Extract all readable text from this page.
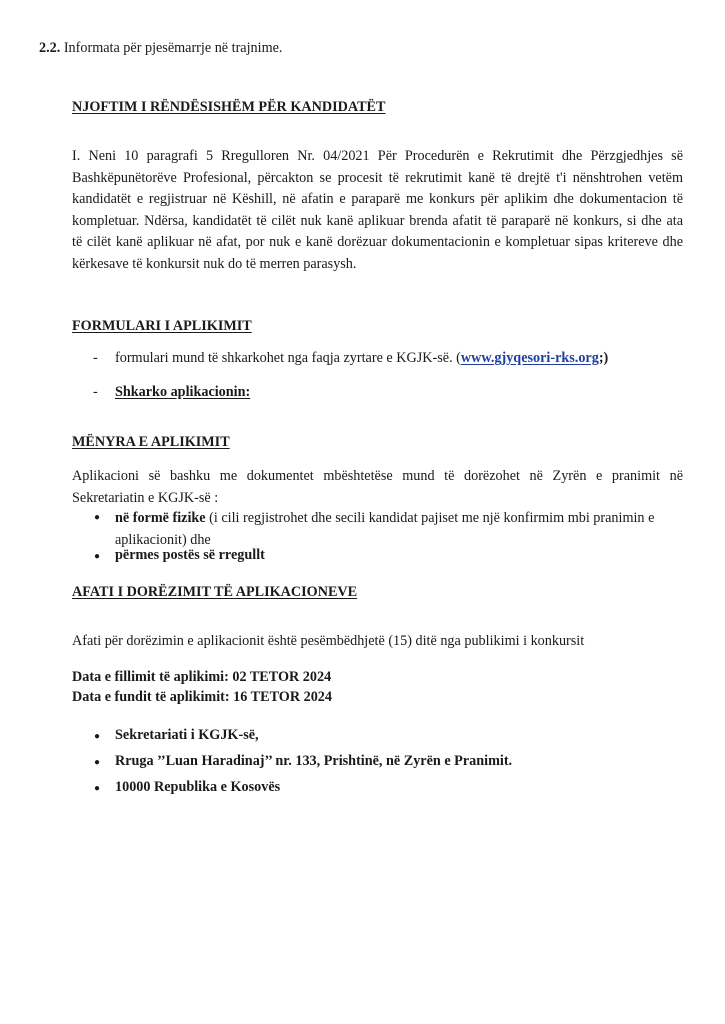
2.2. Informata për pjesëmarrje në trajnime.
NJOFTIM I RËNDËSISHËM PËR KANDIDATËT
I. Neni 10 paragrafi 5 Rregulloren Nr. 04/2021 Për Procedurën e Rekrutimit dhe Përzgjedhjes së
Bashkëpunëtorëve Profesional, përcakton se procesit të rekrutimit kanë të drejtë t'i nënshtrohen vetëm
kandidatët e regjistruar në Këshill, në afatin e paraparë me konkurs për aplikim dhe dokumentacion të
kompletuar. Ndërsa, kandidatët të cilët nuk kanë aplikuar brenda afatit të paraparë në konkurs, si dhe ata
të cilët kanë aplikuar në afat, por nuk e kanë dorëzuar dokumentacionin e kompletuar sipas kritereve dhe
kërkesave të konkursit nuk do të merren parasysh.
FORMULARI I APLIKIMIT
- formulari mund të shkarkohet nga faqja zyrtare e KGJK-së. (www.gjyqesori-rks.org;)
- Shkarko aplikacionin:
MËNYRA E APLIKIMIT
Aplikacioni së bashku me dokumentet mbështetëse mund të dorëzohet në Zyrën e pranimit në
Sekretariatin e KGJK-së :
● në formë fizike (i cili regjistrohet dhe secili kandidat pajiset me një konfirmim mbi pranimin e
aplikacionit) dhe
● përmes postës së rregullt
AFATI I DORËZIMIT TË APLIKACIONEVE
Afati për dorëzimin e aplikacionit është pesëmbëdhjetë (15) ditë nga publikimi i konkursit
Data e fillimit të aplikimi: 02 TETOR 2024
Data e fundit të aplikimit: 16 TETOR 2024
● Sekretariati i KGJK-së,
● Rruga ’’Luan Haradinaj’’ nr. 133, Prishtinë, në Zyrën e Pranimit.
● 10000 Republika e Kosovës
